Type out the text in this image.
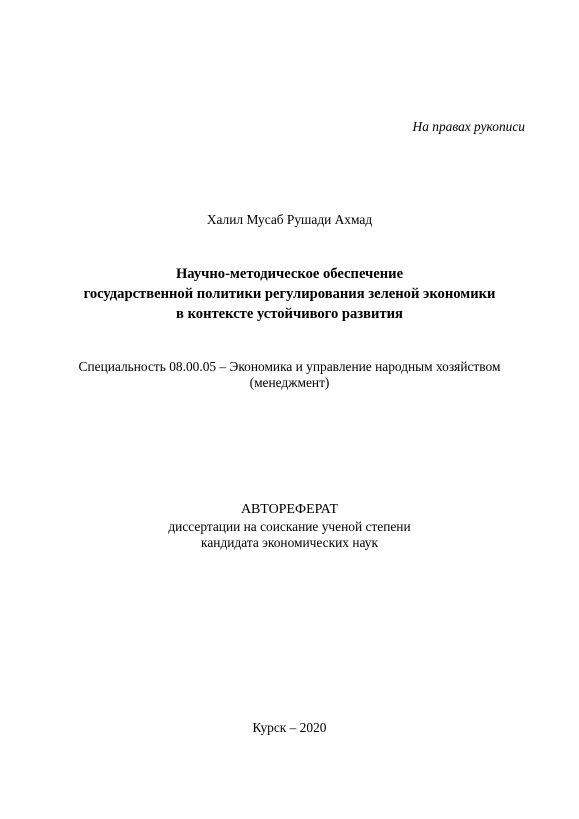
На правах рукописи
Халил Мусаб Рушади Ахмад
Научно-методическое обеспечение
государственной политики регулирования зеленой экономики
в контексте устойчивого развития
Специальность 08.00.05 – Экономика и управление народным хозяйством
(менеджмент)
АВТОРЕФЕРАТ
диссертации на соискание ученой степени
кандидата экономических наук
Курск – 2020
